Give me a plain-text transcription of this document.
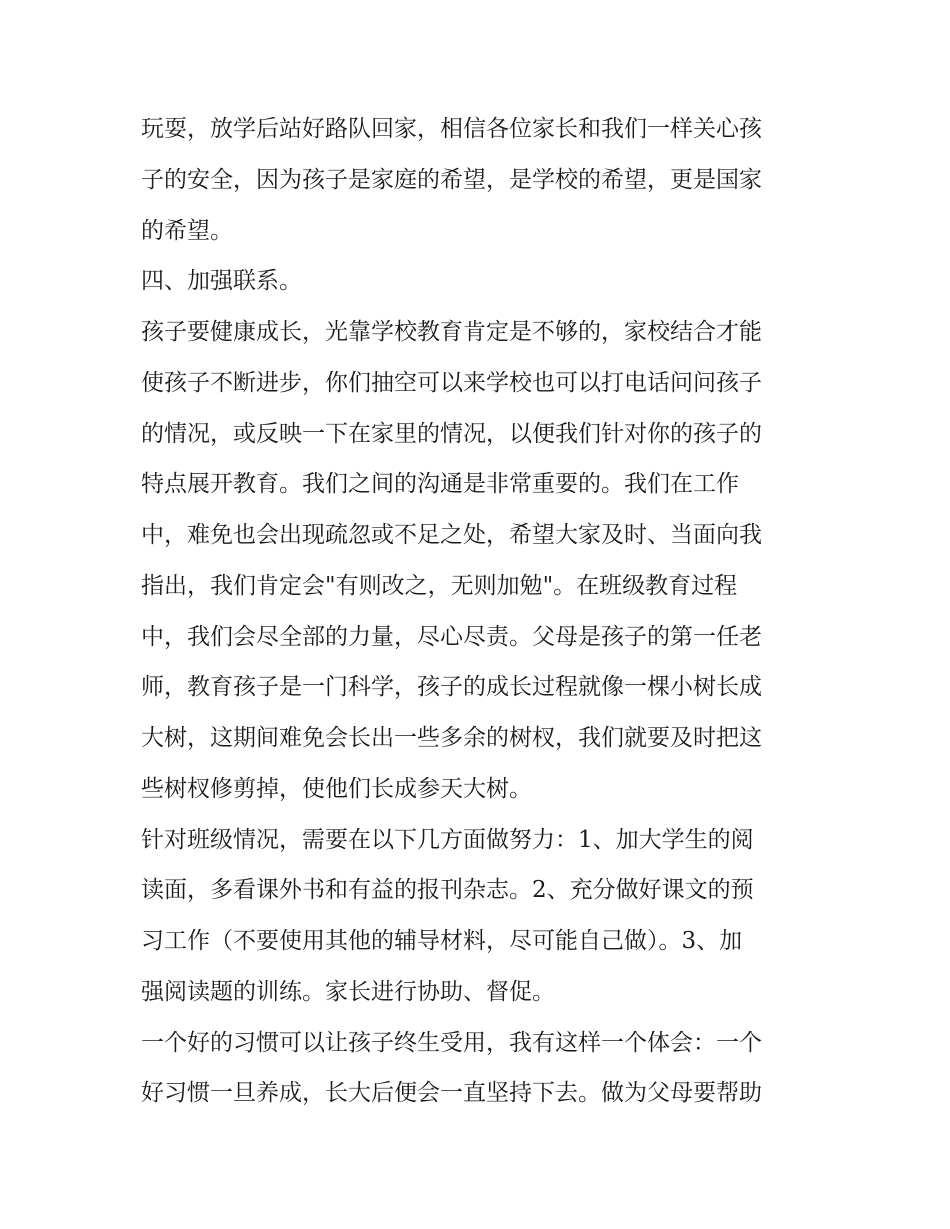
玩耍，放学后站好路队回家，相信各位家长和我们一样关心孩
子的安全，因为孩子是家庭的希望，是学校的希望，更是国家
的希望。
四、加强联系。
孩子要健康成长，光靠学校教育肯定是不够的，家校结合才能
使孩子不断进步，你们抽空可以来学校也可以打电话问问孩子
的情况，或反映一下在家里的情况，以便我们针对你的孩子的
特点展开教育。我们之间的沟通是非常重要的。我们在工作
中，难免也会出现疏忽或不足之处，希望大家及时、当面向我
指出，我们肯定会"有则改之，无则加勉"。在班级教育过程
中，我们会尽全部的力量，尽心尽责。父母是孩子的第一任老
师，教育孩子是一门科学，孩子的成长过程就像一棵小树长成
大树，这期间难免会长出一些多余的树杈，我们就要及时把这
些树杈修剪掉，使他们长成参天大树。
针对班级情况，需要在以下几方面做努力：1、加大学生的阅
读面，多看课外书和有益的报刊杂志。2、充分做好课文的预
习工作（不要使用其他的辅导材料，尽可能自己做）。3、加
强阅读题的训练。家长进行协助、督促。
一个好的习惯可以让孩子终生受用，我有这样一个体会：一个
好习惯一旦养成，长大后便会一直坚持下去。做为父母要帮助
